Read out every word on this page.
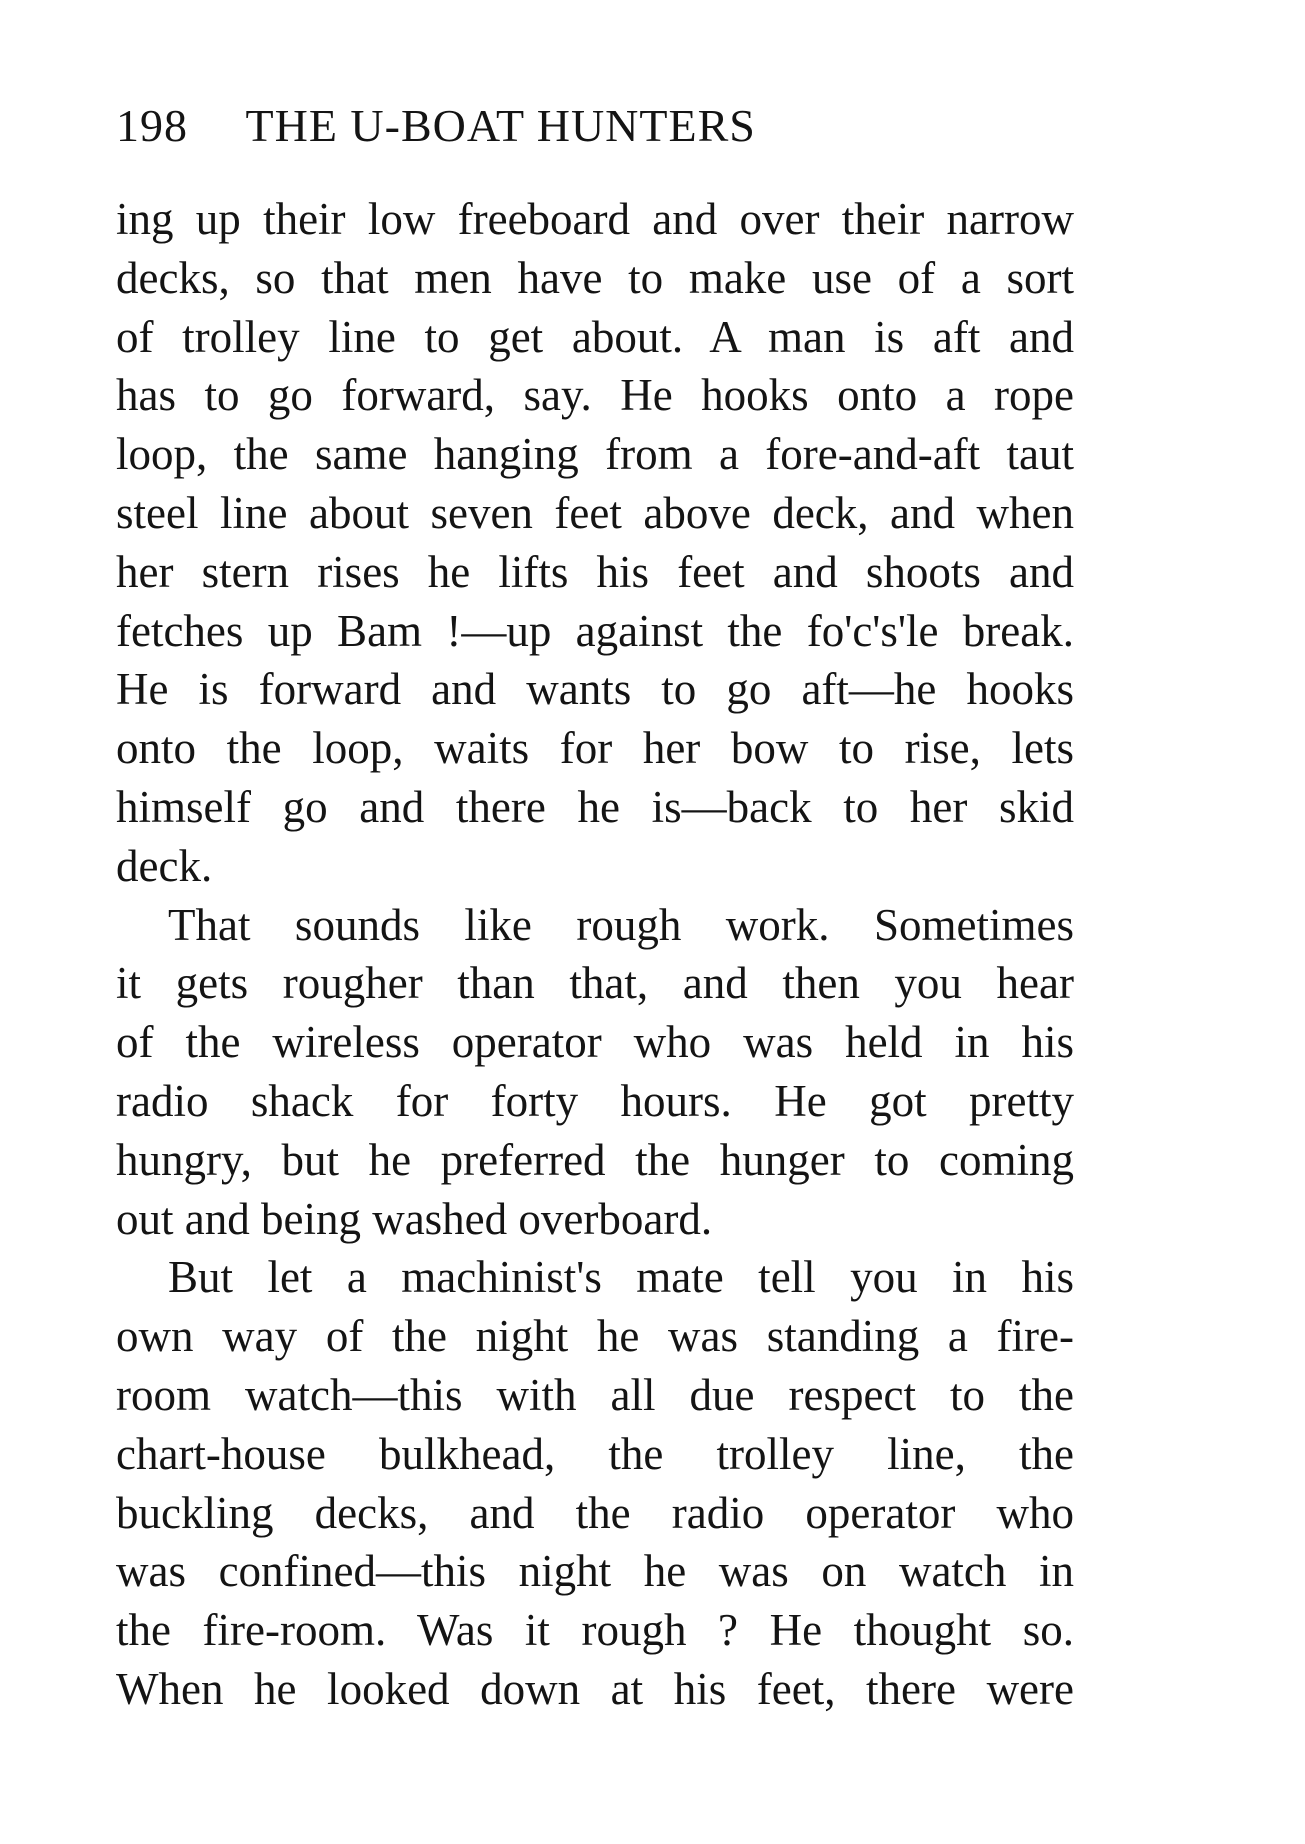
198 THE U-BOAT HUNTERS
ing up their low freeboard and over their narrow
decks, so that men have to make use of a sort
of trolley line to get about. A man is aft and
has to go forward, say. He hooks onto a rope
loop, the same hanging from a fore-and-aft taut
steel line about seven feet above deck, and when
her stern rises he lifts his feet and shoots and
fetches up Bam !—up against the fo'c's'le break.
He is forward and wants to go aft—he hooks
onto the loop, waits for her bow to rise, lets
himself go and there he is—back to her skid
deck.
That sounds like rough work. Sometimes
it gets rougher than that, and then you hear
of the wireless operator who was held in his
radio shack for forty hours. He got pretty
hungry, but he preferred the hunger to coming
out and being washed overboard.
But let a machinist's mate tell you in his
own way of the night he was standing a fire-
room watch—this with all due respect to the
chart-house bulkhead, the trolley line, the
buckling decks, and the radio operator who
was confined—this night he was on watch in
the fire-room. Was it rough ? He thought so.
When he looked down at his feet, there were
